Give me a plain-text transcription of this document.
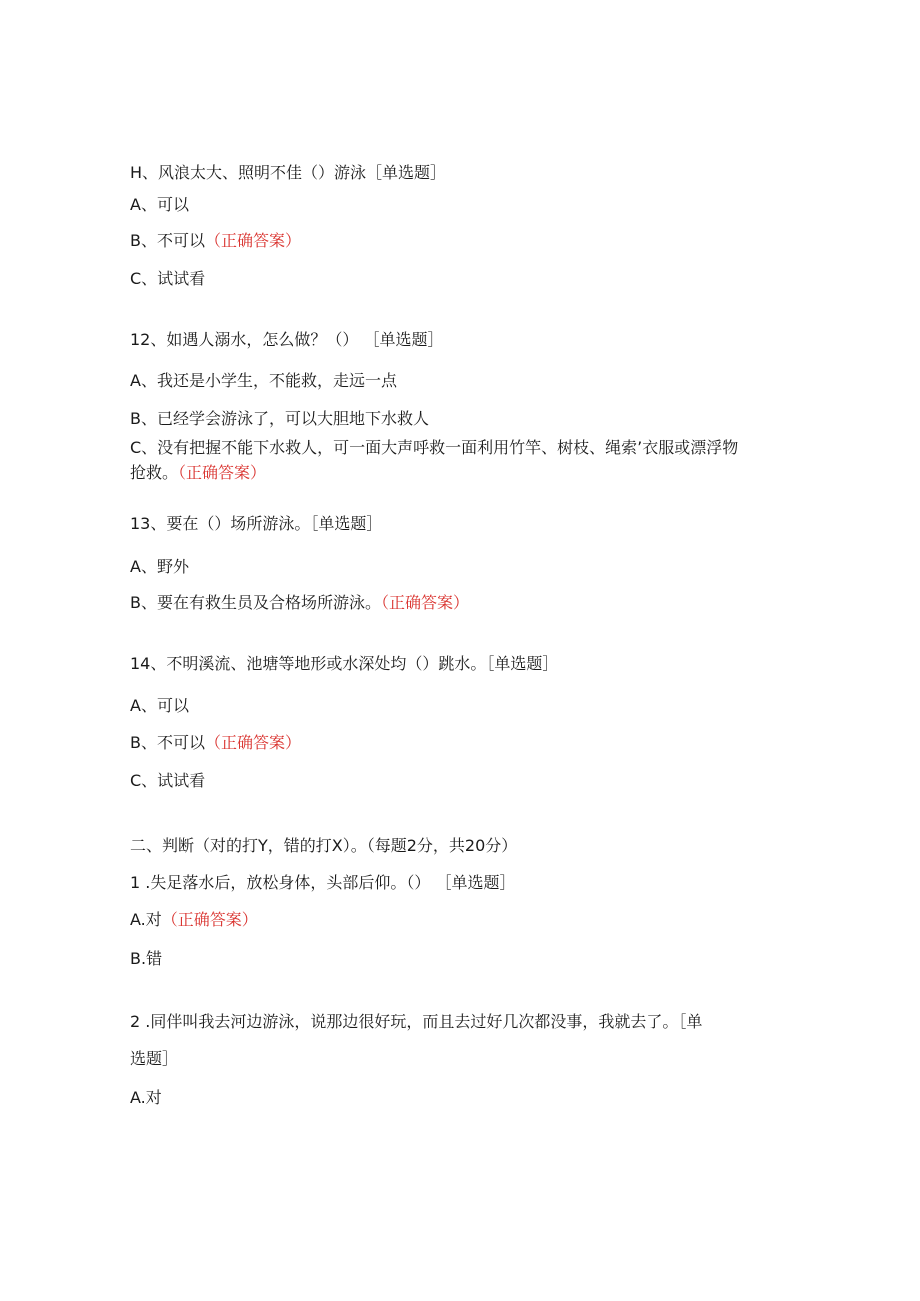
H、风浪太大、照明不佳（）游泳［单选题］
A、可以
B、不可以（正确答案）
C、试试看
12、如遇人溺水，怎么做？（） ［单选题］
A、我还是小学生，不能救，走远一点
B、已经学会游泳了，可以大胆地下水救人
C、没有把握不能下水救人，可一面大声呼救一面利用竹竿、树枝、绳索’衣服或漂浮物
抢救。（正确答案）
13、要在（）场所游泳。［单选题］
A、野外
B、要在有救生员及合格场所游泳。（正确答案）
14、不明溪流、池塘等地形或水深处均（）跳水。［单选题］
A、可以
B、不可以（正确答案）
C、试试看
二、判断（对的打Y，错的打X）。（每题2分，共20分）
1 .失足落水后，放松身体，头部后仰。（） ［单选题］
A.对（正确答案）
B.错
2 .同伴叫我去河边游泳，说那边很好玩，而且去过好几次都没事，我就去了。［单
选题］
A.对
